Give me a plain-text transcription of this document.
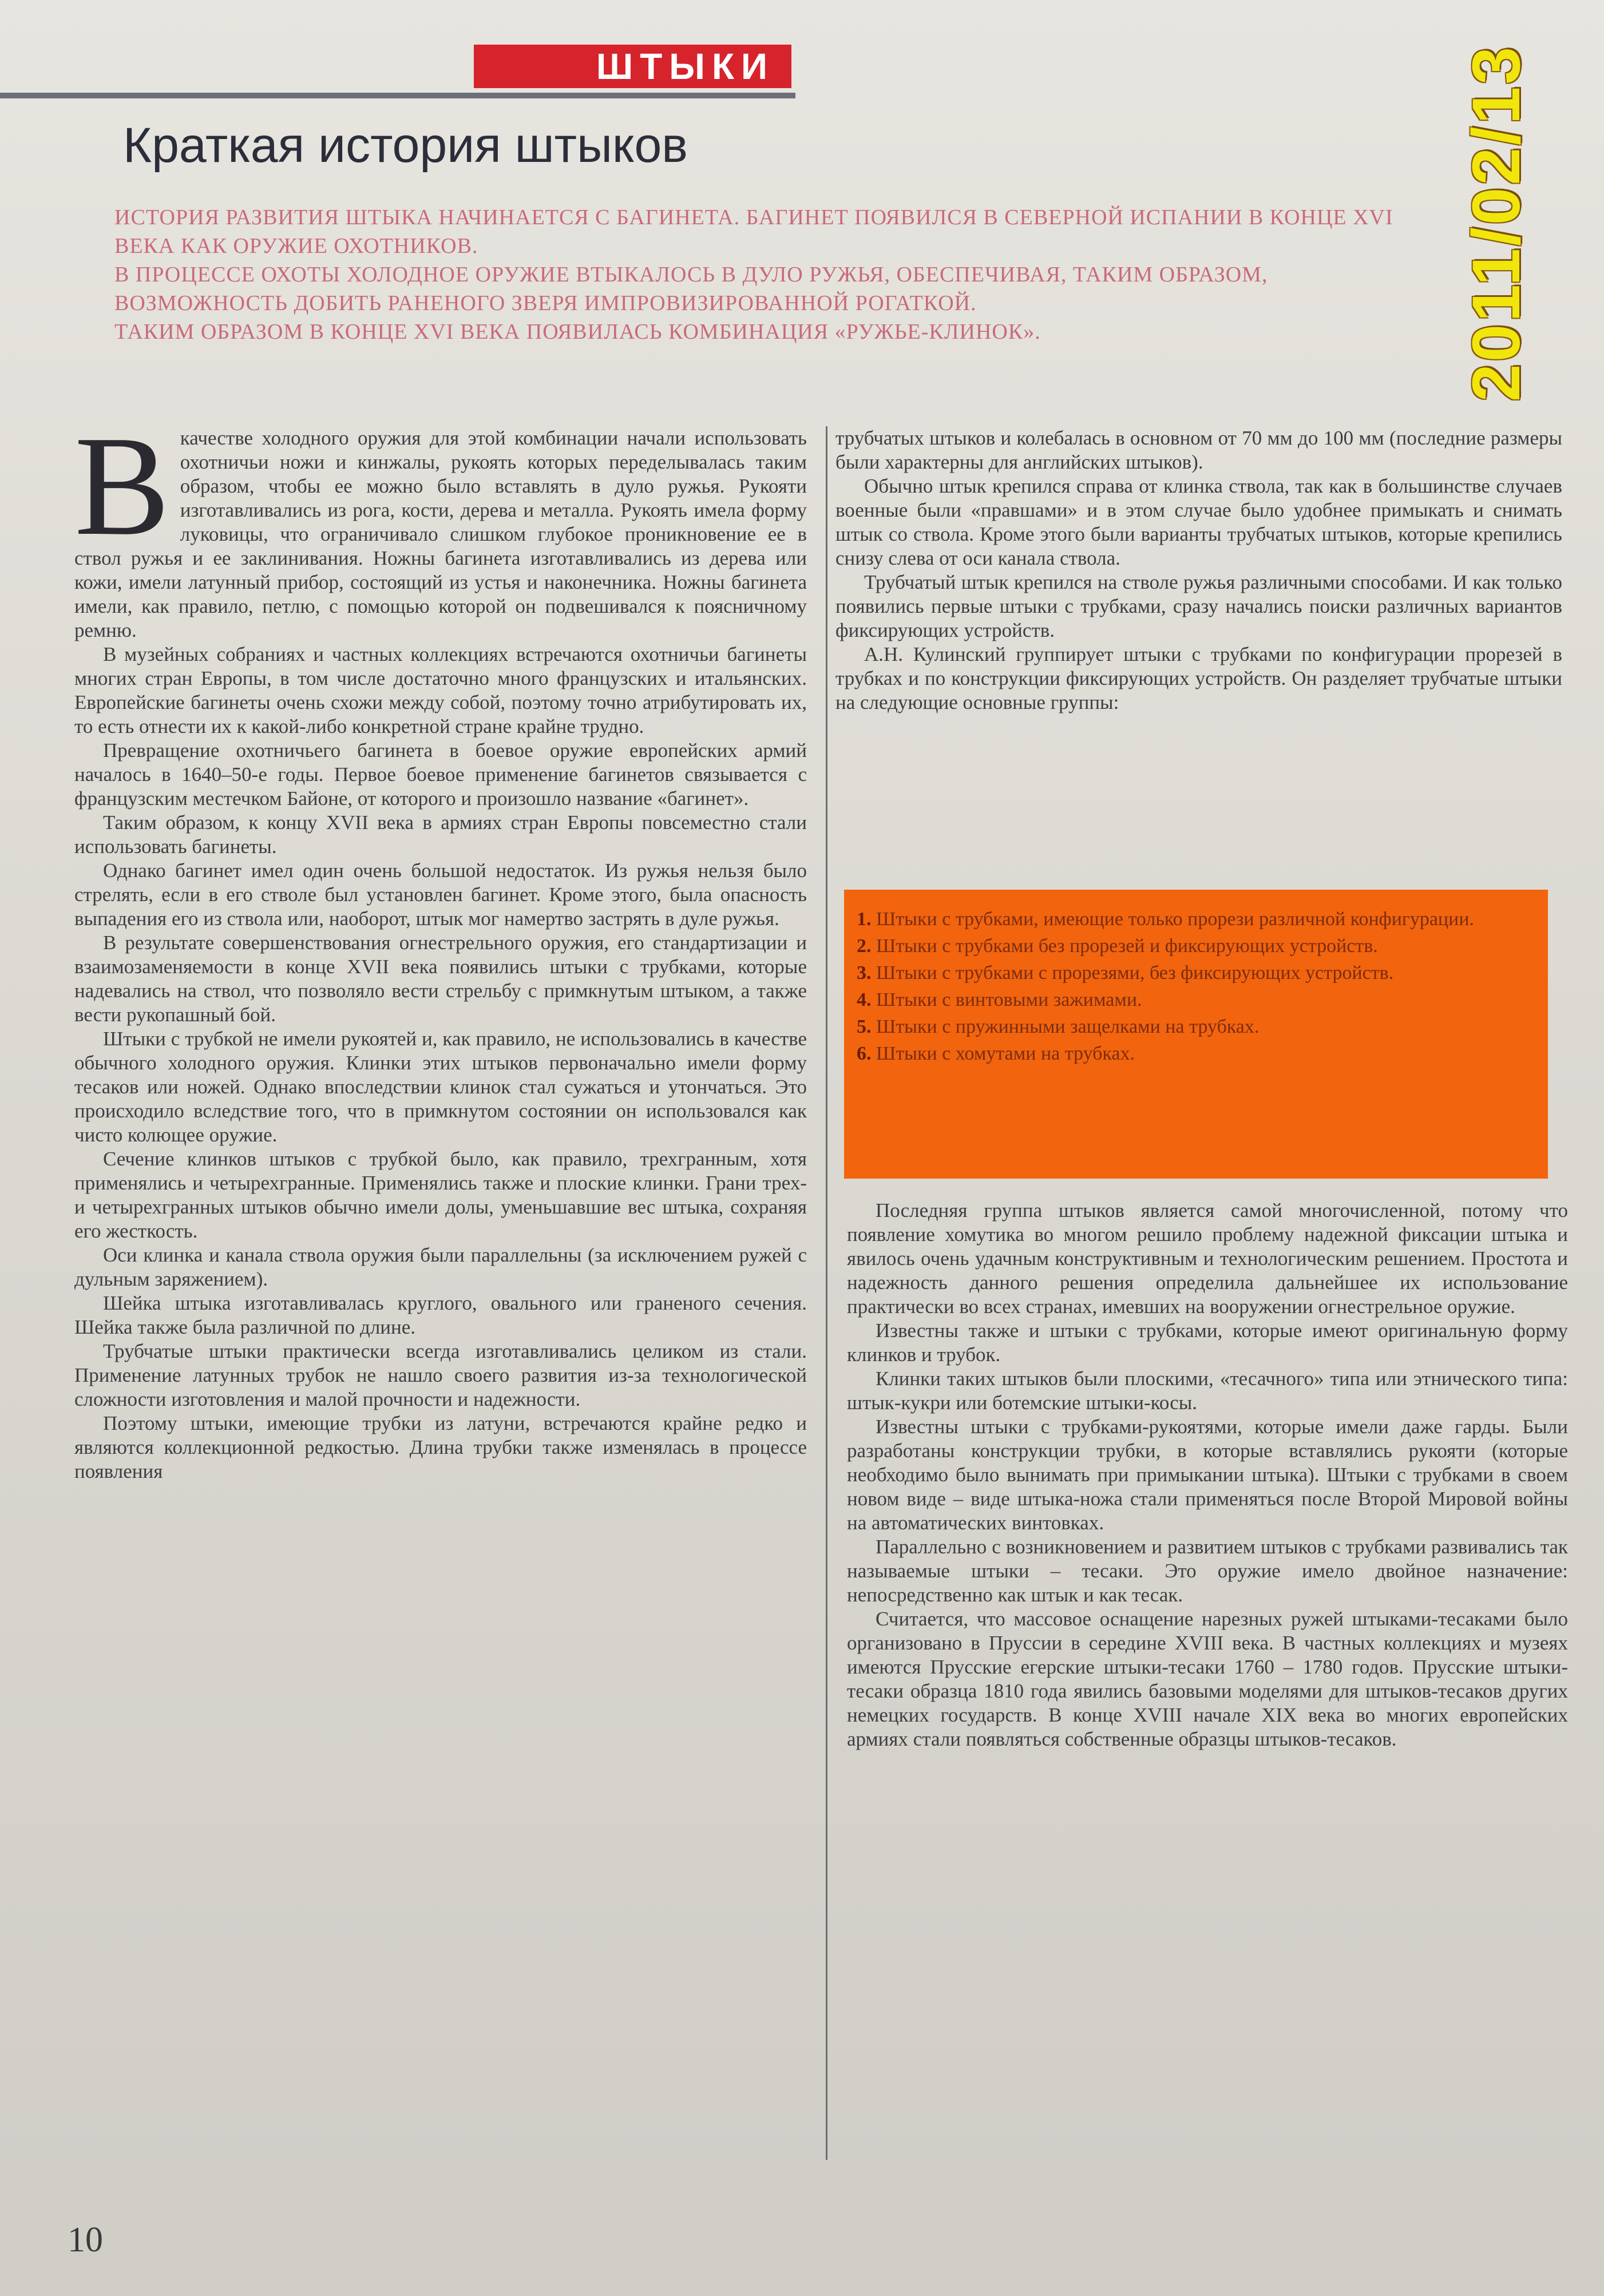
ШТЫКИ
Краткая история штыков	2011/02/13

ИСТОРИЯ РАЗВИТИЯ ШТЫКА НАЧИНАЕТСЯ С БАГИНЕТА. БАГИНЕТ ПОЯВИЛСЯ В СЕВЕРНОЙ ИСПАНИИ В КОНЦЕ XVI ВЕКА КАК ОРУЖИЕ ОХОТНИКОВ.

В ПРОЦЕССЕ ОХОТЫ ХОЛОДНОЕ ОРУЖИЕ ВТЫКАЛОСЬ В ДУЛО РУЖЬЯ, ОБЕСПЕЧИВАЯ, ТАКИМ ОБРАЗОМ, ВОЗМОЖНОСТЬ ДОБИТЬ РАНЕНОГО ЗВЕРЯ ИМПРОВИЗИРОВАННОЙ РОГАТКОЙ.

ТАКИМ ОБРАЗОМ В КОНЦЕ XVI ВЕКА ПОЯВИЛАСЬ КОМБИНАЦИЯ «РУЖЬЕ-КЛИНОК».

В качестве холодного оружия для этой комбинации начали использовать охотничьи ножи и кинжалы, рукоять которых переделывалась таким образом, чтобы ее можно было вставлять в дуло ружья. Рукояти изготавливались из рога, кости, дерева и металла. Рукоять имела форму луковицы, что ограничивало слишком глубокое проникновение ее в ствол ружья и ее заклинивания. Ножны багинета изготавливались из дерева или кожи, имели латунный прибор, состоящий из устья и наконечника. Ножны багинета имели, как правило, петлю, с помощью которой он подвешивался к поясничному ремню.

В музейных собраниях и частных коллекциях встречаются охотничьи багинеты многих стран Европы, в том числе достаточно много французских и итальянских. Европейские багинеты очень схожи между собой, поэтому точно атрибутировать их, то есть отнести их к какой-либо конкретной стране крайне трудно.

Превращение охотничьего багинета в боевое оружие европейских армий началось в 1640–50-е годы. Первое боевое применение багинетов связывается с французским местечком Байоне, от которого и произошло название «багинет».

Таким образом, к концу XVII века в армиях стран Европы повсеместно стали использовать багинеты.

Однако багинет имел один очень большой недостаток. Из ружья нельзя было стрелять, если в его стволе был установлен багинет. Кроме этого, была опасность выпадения его из ствола или, наоборот, штык мог намертво застрять в дуле ружья.

В результате совершенствования огнестрельного оружия, его стандартизации и взаимозаменяемости в конце XVII века появились штыки с трубками, которые надевались на ствол, что позволяло вести стрельбу с примкнутым штыком, а также вести рукопашный бой.

Штыки с трубкой не имели рукоятей и, как правило, не использовались в качестве обычного холодного оружия. Клинки этих штыков первоначально имели форму тесаков или ножей. Однако впоследствии клинок стал сужаться и утончаться. Это происходило вследствие того, что в примкнутом состоянии он использовался как чисто колющее оружие.

Сечение клинков штыков с трубкой было, как правило, трехгранным, хотя применялись и четырехгранные. Применялись также и плоские клинки. Грани трех- и четырехгранных штыков обычно имели долы, уменьшавшие вес штыка, сохраняя его жесткость.

Оси клинка и канала ствола оружия были параллельны (за исключением ружей с дульным заряжением).

Шейка штыка изготавливалась круглого, овального или граненого сечения. Шейка также была различной по длине.

Трубчатые штыки практически всегда изготавливались целиком из стали. Применение латунных трубок не нашло своего развития из-за технологической сложности изготовления и малой прочности и надежности.

Поэтому штыки, имеющие трубки из латуни, встречаются крайне редко и являются коллекционной редкостью. Длина трубки также изменялась в процессе появления

трубчатых штыков и колебалась в основном от 70 мм до 100 мм (последние размеры были характерны для английских штыков).

Обычно штык крепился справа от клинка ствола, так как в большинстве случаев военные были «правшами» и в этом случае было удобнее примыкать и снимать штык со ствола. Кроме этого были варианты трубчатых штыков, которые крепились снизу слева от оси канала ствола.

Трубчатый штык крепился на стволе ружья различными способами. И как только появились первые штыки с трубками, сразу начались поиски различных вариантов фиксирующих устройств.

А.Н. Кулинский группирует штыки с трубками по конфигурации прорезей в трубках и по конструкции фиксирующих устройств. Он разделяет трубчатые штыки на следующие основные группы:

1. Штыки с трубками, имеющие только прорези различной конфигурации.

2. Штыки с трубками без прорезей и фиксирующих устройств.

3. Штыки с трубками с прорезями, без фиксирующих устройств.

4. Штыки с винтовыми зажимами.

5. Штыки с пружинными защелками на трубках.

6. Штыки с хомутами на трубках.

Последняя группа штыков является самой многочисленной, потому что появление хомутика во многом решило проблему надежной фиксации штыка и явилось очень удачным конструктивным и технологическим решением. Простота и надежность данного решения определила дальнейшее их использование практически во всех странах, имевших на вооружении огнестрельное оружие.

Известны также и штыки с трубками, которые имеют оригинальную форму клинков и трубок.

Клинки таких штыков были плоскими, «тесачного» типа или этнического типа: штык-кукри или ботемские штыки-косы.

Известны штыки с трубками-рукоятями, которые имели даже гарды. Были разработаны конструкции трубки, в которые вставлялись рукояти (которые необходимо было вынимать при примыкании штыка). Штыки с трубками в своем новом виде – виде штыка-ножа стали применяться после Второй Мировой войны на автоматических винтовках.

Параллельно с возникновением и развитием штыков с трубками развивались так называемые штыки – тесаки. Это оружие имело двойное назначение: непосредственно как штык и как тесак.

Считается, что массовое оснащение нарезных ружей штыками-тесаками было организовано в Пруссии в середине XVIII века. В частных коллекциях и музеях имеются Прусские егерские штыки-тесаки 1760 – 1780 годов. Прусские штыки-тесаки образца 1810 года явились базовыми моделями для штыков-тесаков других немецких государств. В конце XVIII начале XIX века во многих европейских армиях стали появляться собственные образцы штыков-тесаков.

10
